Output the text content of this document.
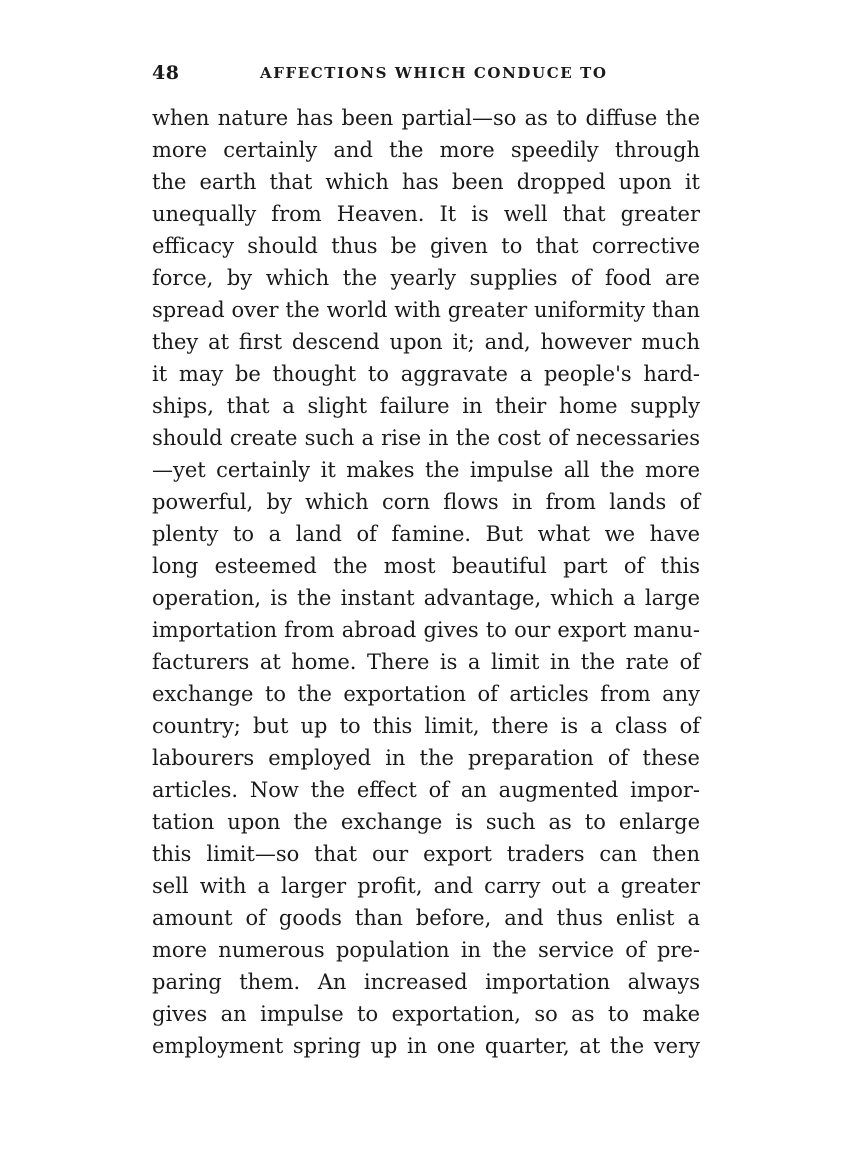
48	AFFECTIONS WHICH CONDUCE TO
when nature has been partial—so as to diffuse the
more certainly and the more speedily through
the earth that which has been dropped upon it
unequally from Heaven. It is well that greater
efficacy should thus be given to that corrective
force, by which the yearly supplies of food are
spread over the world with greater uniformity than
they at first descend upon it; and, however much
it may be thought to aggravate a people's hard-
ships, that a slight failure in their home supply
should create such a rise in the cost of necessaries
—yet certainly it makes the impulse all the more
powerful, by which corn flows in from lands of
plenty to a land of famine. But what we have
long esteemed the most beautiful part of this
operation, is the instant advantage, which a large
importation from abroad gives to our export manu-
facturers at home. There is a limit in the rate of
exchange to the exportation of articles from any
country; but up to this limit, there is a class of
labourers employed in the preparation of these
articles. Now the effect of an augmented impor-
tation upon the exchange is such as to enlarge
this limit—so that our export traders can then
sell with a larger profit, and carry out a greater
amount of goods than before, and thus enlist a
more numerous population in the service of pre-
paring them. An increased importation always
gives an impulse to exportation, so as to make
employment spring up in one quarter, at the very
